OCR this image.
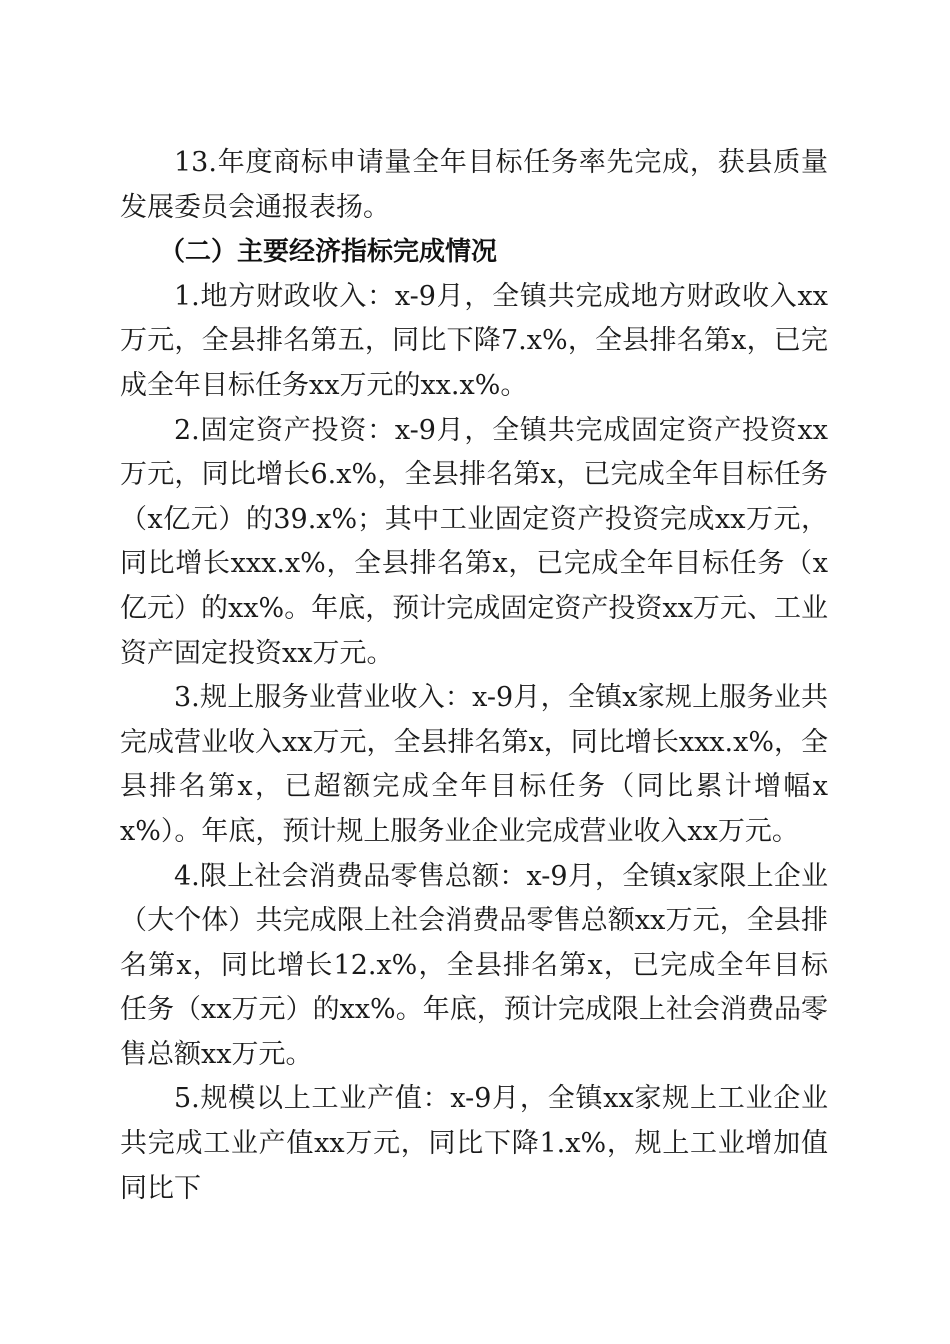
13.年度商标申请量全年目标任务率先完成，获县质量发展委员会通报表扬。

（二）主要经济指标完成情况

1.地方财政收入：x-9月，全镇共完成地方财政收入xx万元，全县排名第五，同比下降7.x%，全县排名第x，已完成全年目标任务xx万元的xx.x%。

2.固定资产投资：x-9月，全镇共完成固定资产投资xx万元，同比增长6.x%，全县排名第x，已完成全年目标任务（x亿元）的39.x%；其中工业固定资产投资完成xx万元，同比增长xxx.x%，全县排名第x，已完成全年目标任务（x亿元）的xx%。年底，预计完成固定资产投资xx万元、工业资产固定投资xx万元。

3.规上服务业营业收入：x-9月，全镇x家规上服务业共完成营业收入xx万元，全县排名第x，同比增长xxx.x%，全县排名第x，已超额完成全年目标任务（同比累计增幅xx%）。年底，预计规上服务业企业完成营业收入xx万元。

4.限上社会消费品零售总额：x-9月，全镇x家限上企业（大个体）共完成限上社会消费品零售总额xx万元，全县排名第x，同比增长12.x%，全县排名第x，已完成全年目标任务（xx万元）的xx%。年底，预计完成限上社会消费品零售总额xx万元。

5.规模以上工业产值：x-9月，全镇xx家规上工业企业共完成工业产值xx万元，同比下降1.x%，规上工业增加值同比下
